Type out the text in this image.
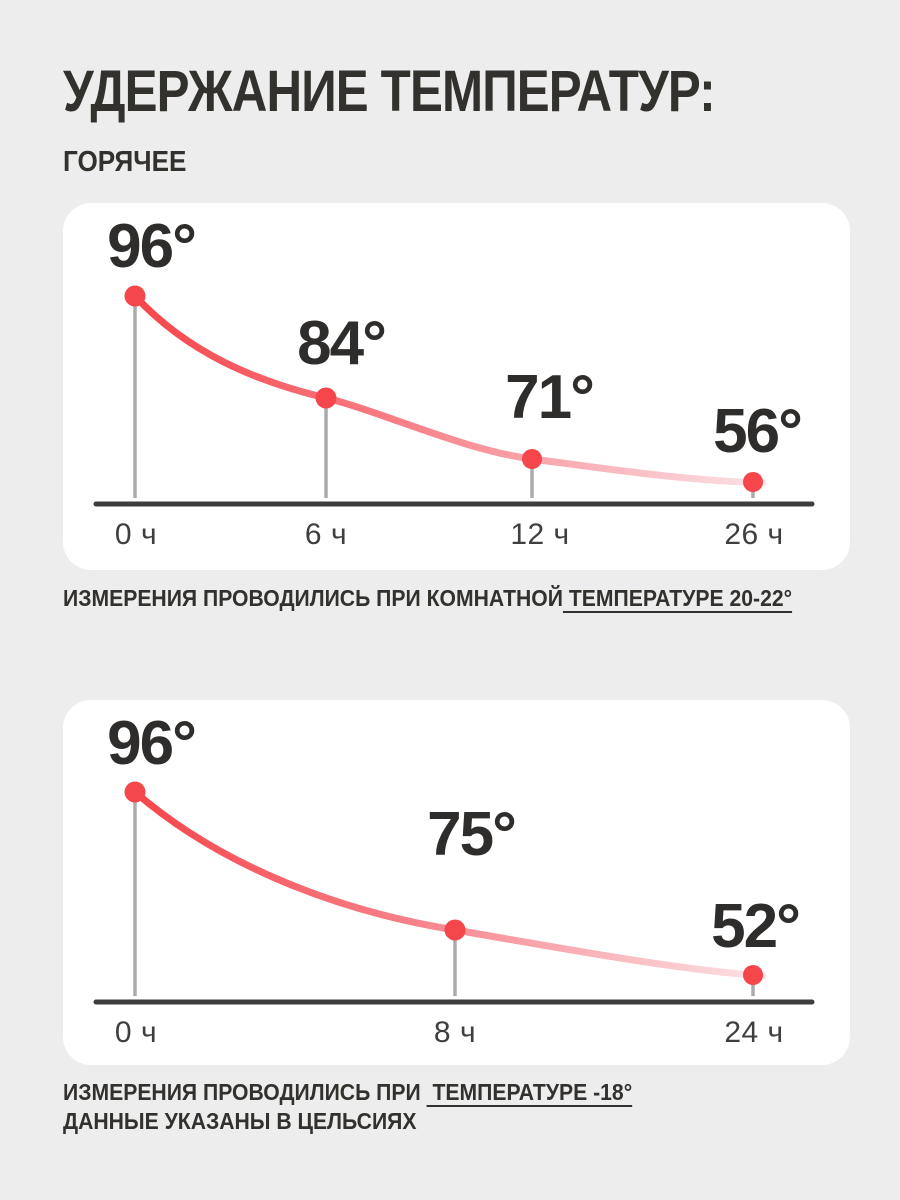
УДЕРЖАНИЕ ТЕМПЕРАТУР:
ГОРЯЧЕЕ
96°
84°
71° 56°
0 ч	6 ч	12 ч	26 ч
ИЗМЕРЕНИЯ ПРОВОДИЛИСЬ ПРИ КОМНАТНОЙ ТЕМПЕРАТУРЕ 20-22°
96°
75°
52°
0 ч	8 ч	24 ч
ИЗМЕРЕНИЯ ПРОВОДИЛИСЬ ПРИ  ТЕМПЕРАТУРЕ -18°
ДАННЫЕ УКАЗАНЫ В ЦЕЛЬСИЯХ
